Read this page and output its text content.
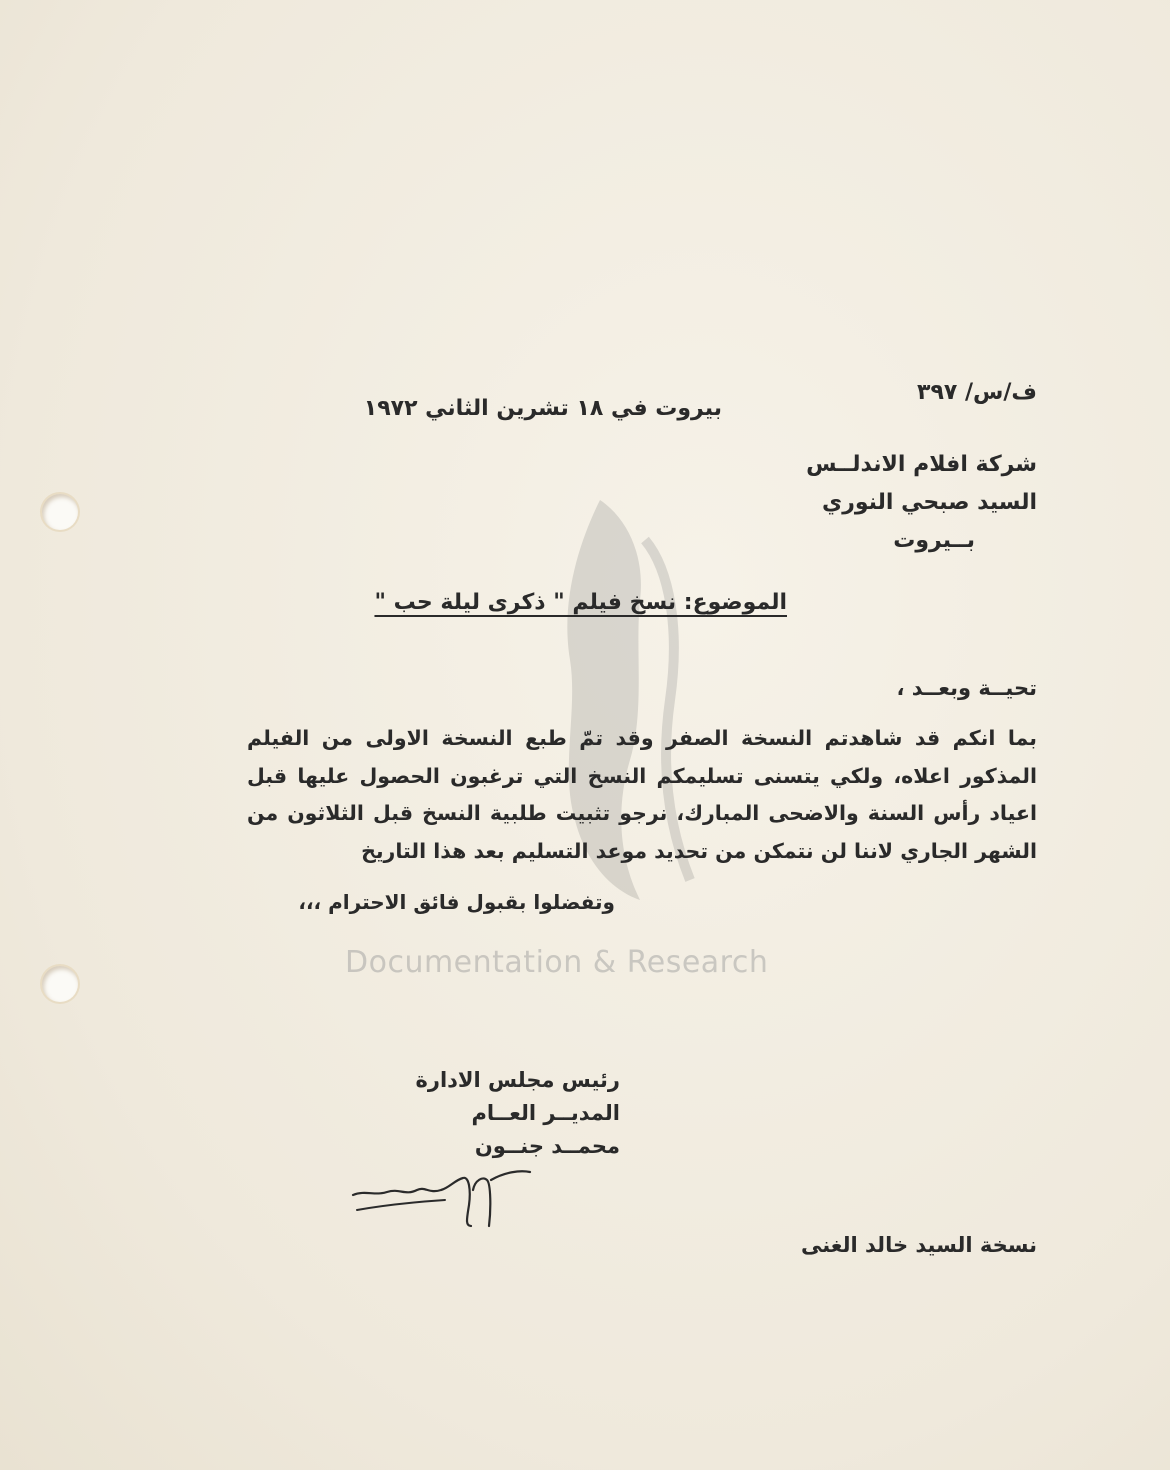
Documentation & Research
ف/س/ ٣٩٧
بيروت في ١٨ تشرين الثاني ١٩٧٢
شركة افلام الاندلــس
السيد صبحي النوري
بــيروت
الموضوع: نسخ فيلم " ذكرى ليلة حب "
تحيــة وبعــد ،
بما انكم قد شاهدتم النسخة الصفر وقد تمّ طبع النسخة الاولى من الفيلم المذكور اعلاه، ولكي يتسنى تسليمكم النسخ التي ترغبون الحصول عليها قبل اعياد رأس السنة والاضحى المبارك، نرجو تثبيت طلبية النسخ قبل الثلاثون من الشهر الجاري لاننا لن نتمكن من تحديد موعد التسليم بعد هذا التاريخ
وتفضلوا بقبول فائق الاحترام ،،،
رئيس مجلس الادارة
المديــر العــام
محمــد جنــون
نسخة السيد خالد الغنى
